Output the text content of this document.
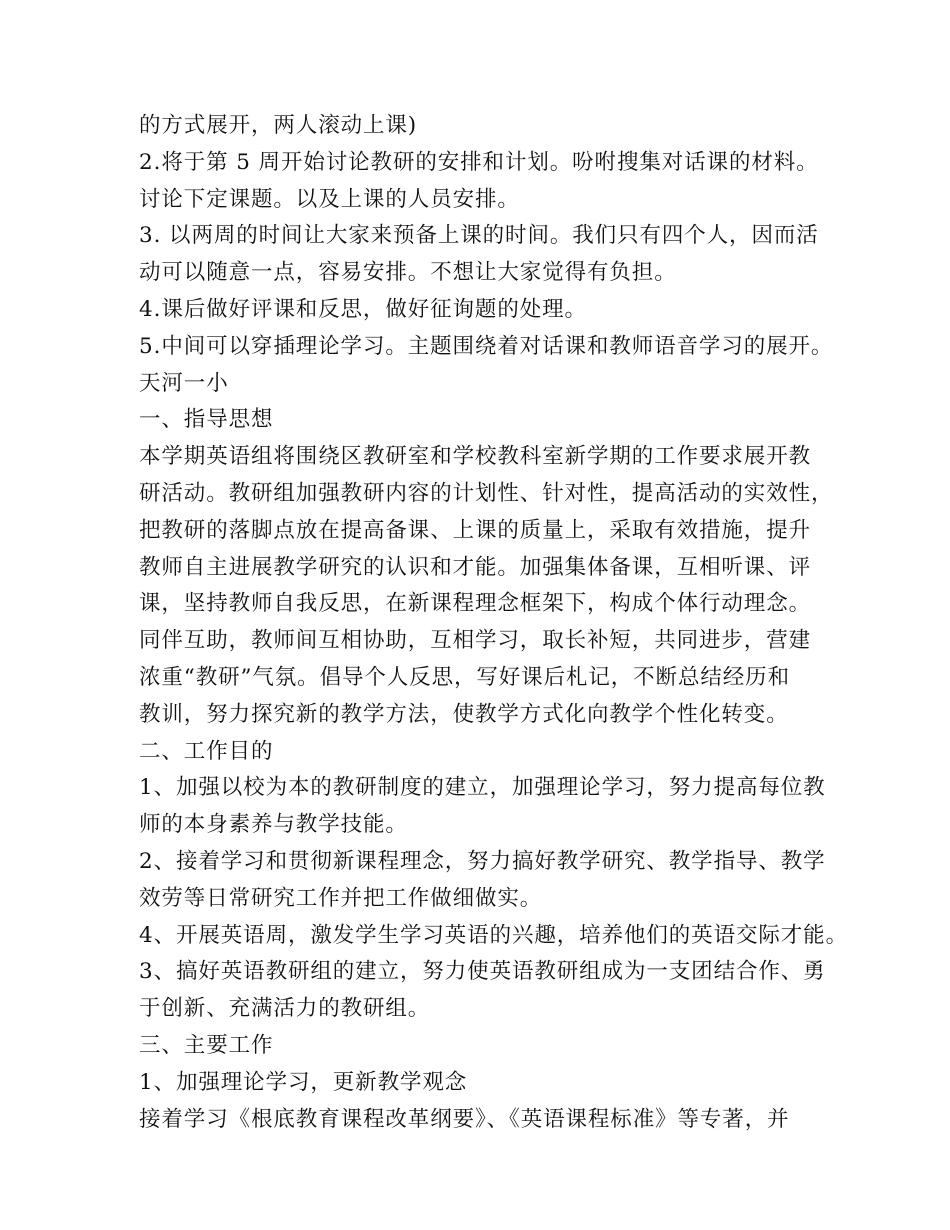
的方式展开，两人滚动上课)
2.将于第 5 周开始讨论教研的安排和计划。吩咐搜集对话课的材料。
讨论下定课题。以及上课的人员安排。
3. 以两周的时间让大家来预备上课的时间。我们只有四个人，因而活
动可以随意一点，容易安排。不想让大家觉得有负担。
4.课后做好评课和反思，做好征询题的处理。
5.中间可以穿插理论学习。主题围绕着对话课和教师语音学习的展开。
天河一小
一、指导思想
本学期英语组将围绕区教研室和学校教科室新学期的工作要求展开教
研活动。教研组加强教研内容的计划性、针对性，提高活动的实效性，
把教研的落脚点放在提高备课、上课的质量上，采取有效措施，提升
教师自主进展教学研究的认识和才能。加强集体备课，互相听课、评
课，坚持教师自我反思，在新课程理念框架下，构成个体行动理念。
同伴互助，教师间互相协助，互相学习，取长补短，共同进步，营建
浓重“教研”气氛。倡导个人反思，写好课后札记，不断总结经历和
教训，努力探究新的教学方法，使教学方式化向教学个性化转变。
二、工作目的
1、加强以校为本的教研制度的建立，加强理论学习，努力提高每位教
师的本身素养与教学技能。
2、接着学习和贯彻新课程理念，努力搞好教学研究、教学指导、教学
效劳等日常研究工作并把工作做细做实。
4、开展英语周，激发学生学习英语的兴趣，培养他们的英语交际才能。
3、搞好英语教研组的建立，努力使英语教研组成为一支团结合作、勇
于创新、充满活力的教研组。
三、主要工作
1、加强理论学习，更新教学观念
接着学习《根底教育课程改革纲要》、《英语课程标准》等专著，并
